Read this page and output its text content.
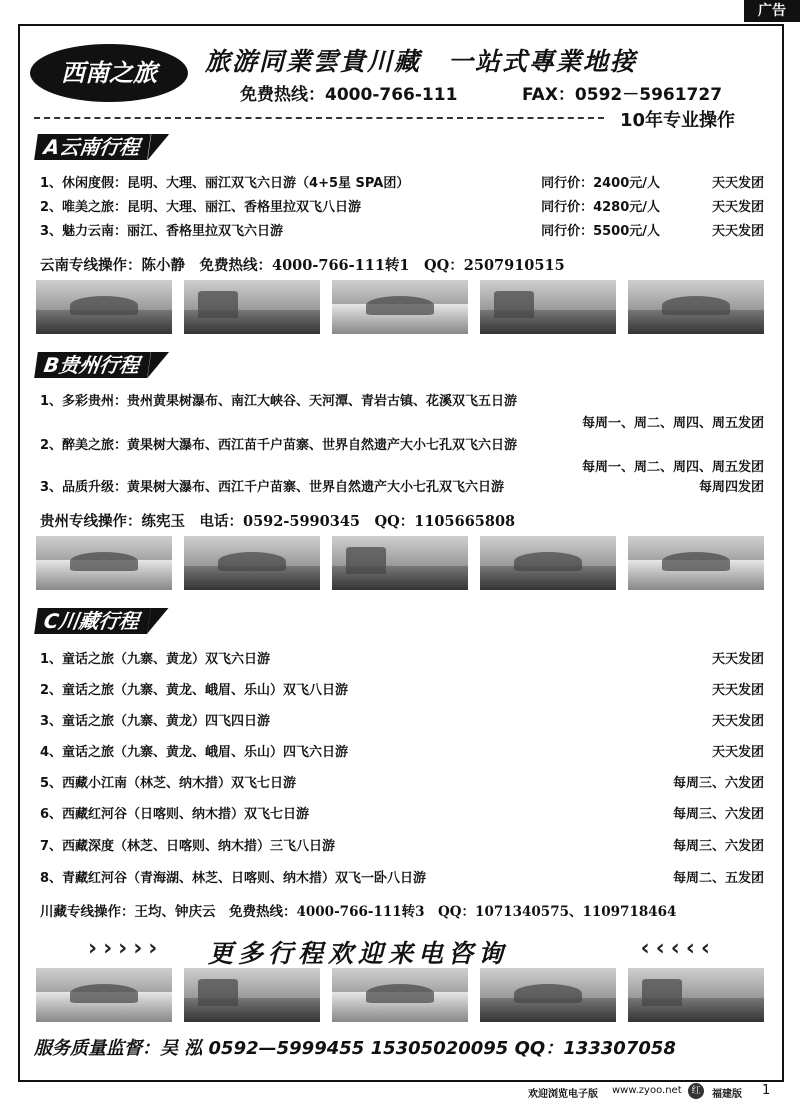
广告
西南之旅	旅游同業雲貴川藏　一站式專業地接
免费热线：4000-766-111	FAX：0592－5961727
10年专业操作
A云南行程
1、休闲度假：昆明、大理、丽江双飞六日游（4+5星 SPA团）	同行价：2400元/人	天天发团
2、唯美之旅：昆明、大理、丽江、香格里拉双飞八日游	同行价：4280元/人	天天发团
3、魅力云南：丽江、香格里拉双飞六日游	同行价：5500元/人	天天发团
云南专线操作：陈小静　免费热线：4000-766-111转1　QQ：2507910515
B贵州行程
1、多彩贵州：贵州黄果树瀑布、南江大峡谷、天河潭、青岩古镇、花溪双飞五日游
每周一、周二、周四、周五发团
2、醉美之旅：黄果树大瀑布、西江苗千户苗寨、世界自然遗产大小七孔双飞六日游
每周一、周二、周四、周五发团
3、品质升级：黄果树大瀑布、西江千户苗寨、世界自然遗产大小七孔双飞六日游	每周四发团
贵州专线操作：练宪玉　电话：0592-5990345　QQ：1105665808
C川藏行程
1、童话之旅（九寨、黄龙）双飞六日游	天天发团
2、童话之旅（九寨、黄龙、峨眉、乐山）双飞八日游	天天发团
3、童话之旅（九寨、黄龙）四飞四日游	天天发团
4、童话之旅（九寨、黄龙、峨眉、乐山）四飞六日游	天天发团
5、西藏小江南（林芝、纳木措）双飞七日游	每周三、六发团
6、西藏红河谷（日喀则、纳木措）双飞七日游	每周三、六发团
7、西藏深度（林芝、日喀则、纳木措）三飞八日游	每周三、六发团
8、青藏红河谷（青海湖、林芝、日喀则、纳木措）双飞一卧八日游	每周二、五发团
川藏专线操作：王均、钟庆云　免费热线：4000-766-111转3　QQ：1071340575、1109718464
››››› 更多行程欢迎来电咨询	‹‹‹‹‹
服务质量监督：吴 泓 0592—5999455 15305020095 QQ：133307058
欢迎浏览电子版 www.zyoo.net	红	福建版 1
